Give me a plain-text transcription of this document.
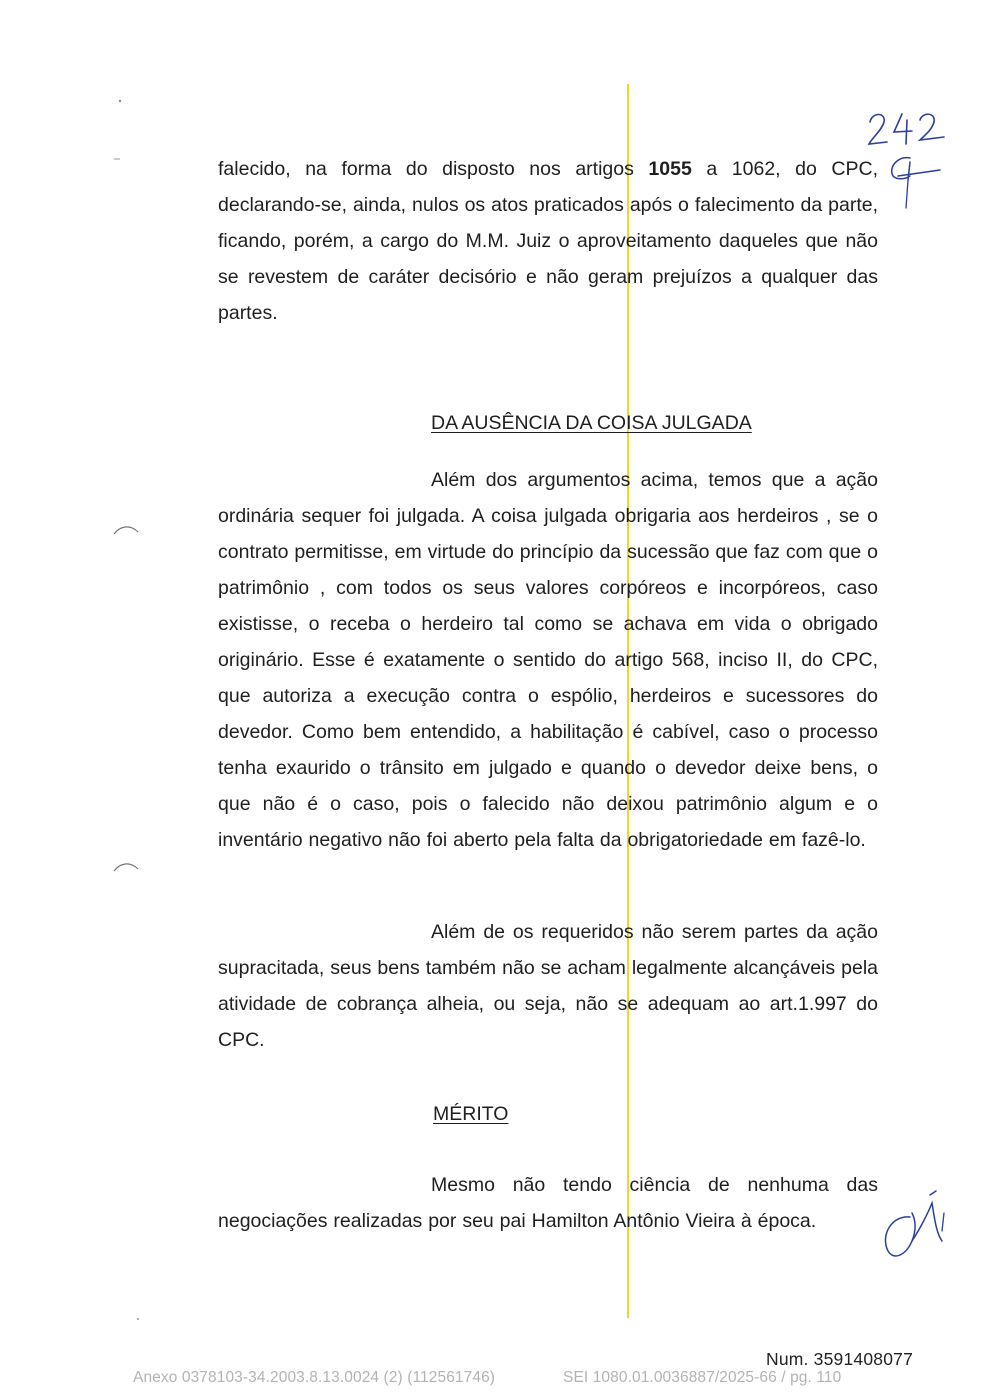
falecido, na forma do disposto nos artigos 1055 a 1062, do CPC, declarando-se, ainda, nulos os atos praticados após o falecimento da parte, ficando, porém, a cargo do M.M. Juiz o aproveitamento daqueles que não se revestem de caráter decisório e não geram prejuízos a qualquer das partes.
DA AUSÊNCIA DA COISA JULGADA
Além dos argumentos acima, temos que a ação ordinária sequer foi julgada. A coisa julgada obrigaria aos herdeiros , se o contrato permitisse, em virtude do princípio da sucessão que faz com que o patrimônio , com todos os seus valores corpóreos e incorpóreos, caso existisse, o receba o herdeiro tal como se achava em vida o obrigado originário. Esse é exatamente o sentido do artigo 568, inciso II, do CPC, que autoriza a execução contra o espólio, herdeiros e sucessores do devedor. Como bem entendido, a habilitação é cabível, caso o processo tenha exaurido o trânsito em julgado e quando o devedor deixe bens, o que não é o caso, pois o falecido não deixou patrimônio algum e o inventário negativo não foi aberto pela falta da obrigatoriedade em fazê-lo.
Além de os requeridos não serem partes da ação supracitada, seus bens também não se acham legalmente alcançáveis pela atividade de cobrança alheia, ou seja, não se adequam ao art.1.997 do CPC.
MÉRITO
Mesmo não tendo ciência de nenhuma das negociações realizadas por seu pai Hamilton Antônio Vieira à época.
Num. 3591408077
Anexo 0378103-34.2003.8.13.0024 (2) (112561746)	SEI 1080.01.0036887/2025-66 / pg. 110
